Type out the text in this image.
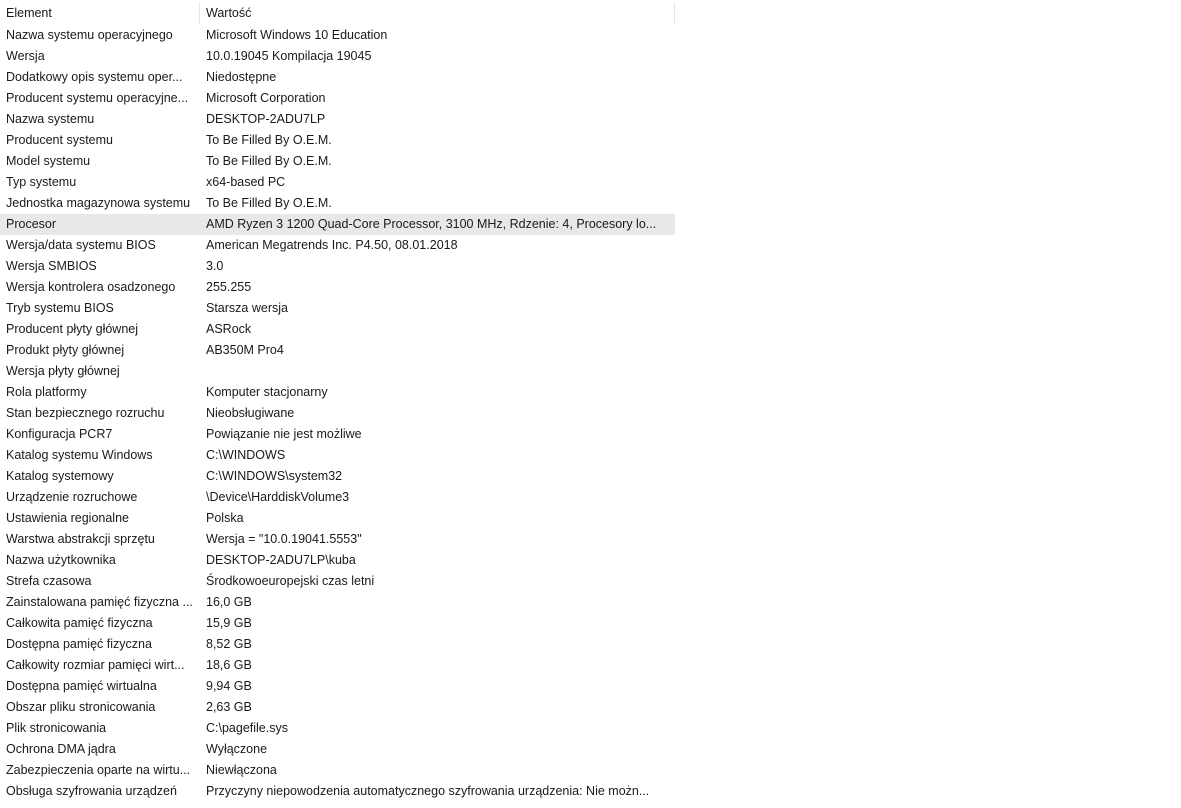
Element	Wartość
Nazwa systemu operacyjnego	Microsoft Windows 10 Education
Wersja	10.0.19045 Kompilacja 19045
Dodatkowy opis systemu oper...	Niedostępne
Producent systemu operacyjne...	Microsoft Corporation
Nazwa systemu	DESKTOP-2ADU7LP
Producent systemu	To Be Filled By O.E.M.
Model systemu	To Be Filled By O.E.M.
Typ systemu	x64-based PC
Jednostka magazynowa systemu	To Be Filled By O.E.M.
Procesor	AMD Ryzen 3 1200 Quad-Core Processor, 3100 MHz, Rdzenie: 4, Procesory lo...
Wersja/data systemu BIOS	American Megatrends Inc. P4.50, 08.01.2018
Wersja SMBIOS	3.0
Wersja kontrolera osadzonego	255.255
Tryb systemu BIOS	Starsza wersja
Producent płyty głównej	ASRock
Produkt płyty głównej	AB350M Pro4
Wersja płyty głównej
Rola platformy	Komputer stacjonarny
Stan bezpiecznego rozruchu	Nieobsługiwane
Konfiguracja PCR7	Powiązanie nie jest możliwe
Katalog systemu Windows	C:\WINDOWS
Katalog systemowy	C:\WINDOWS\system32
Urządzenie rozruchowe	\Device\HarddiskVolume3
Ustawienia regionalne	Polska
Warstwa abstrakcji sprzętu	Wersja = "10.0.19041.5553"
Nazwa użytkownika	DESKTOP-2ADU7LP\kuba
Strefa czasowa	Środkowoeuropejski czas letni
Zainstalowana pamięć fizyczna ...	16,0 GB
Całkowita pamięć fizyczna	15,9 GB
Dostępna pamięć fizyczna	8,52 GB
Całkowity rozmiar pamięci wirt...	18,6 GB
Dostępna pamięć wirtualna	9,94 GB
Obszar pliku stronicowania	2,63 GB
Plik stronicowania	C:\pagefile.sys
Ochrona DMA jądra	Wyłączone
Zabezpieczenia oparte na wirtu...	Niewłączona
Obsługa szyfrowania urządzeń	Przyczyny niepowodzenia automatycznego szyfrowania urządzenia: Nie możn...
